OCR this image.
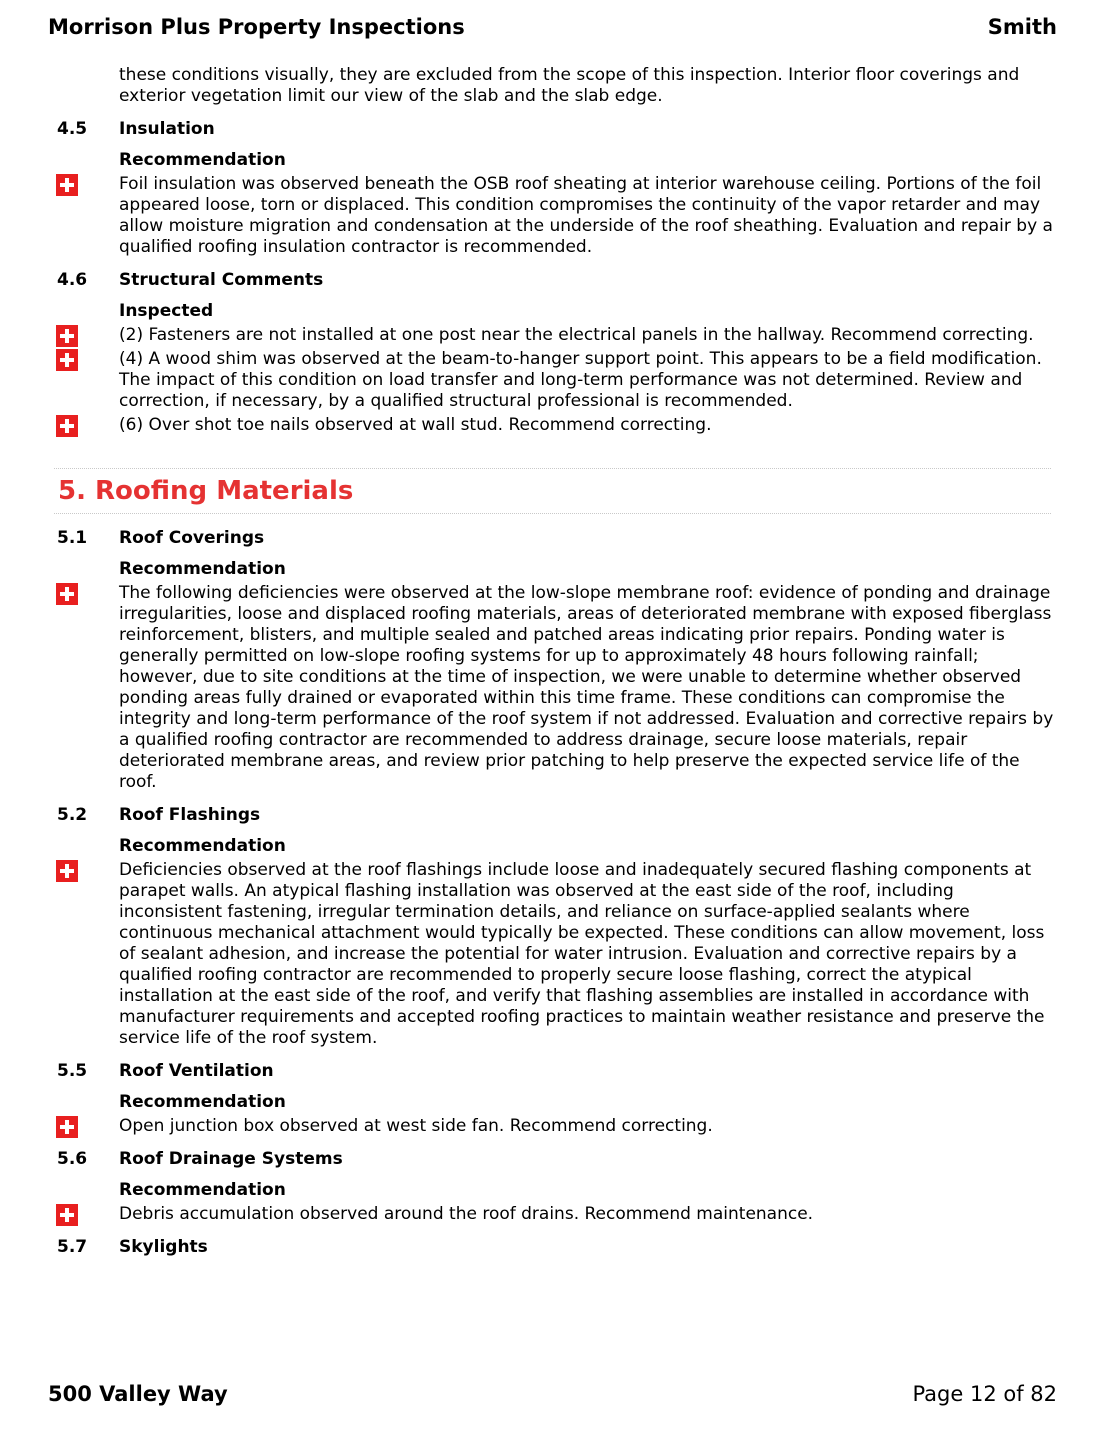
Morrison Plus Property Inspections	Smith
these conditions visually, they are excluded from the scope of this inspection. Interior floor coverings and exterior vegetation limit our view of the slab and the slab edge.
4.5	Insulation
Recommendation
Foil insulation was observed beneath the OSB roof sheating at interior warehouse ceiling. Portions of the foil appeared loose, torn or displaced. This condition compromises the continuity of the vapor retarder and may allow moisture migration and condensation at the underside of the roof sheathing. Evaluation and repair by a qualified roofing insulation contractor is recommended.
4.6	Structural Comments
Inspected
(2) Fasteners are not installed at one post near the electrical panels in the hallway. Recommend correcting.
(4) A wood shim was observed at the beam-to-hanger support point. This appears to be a field modification. The impact of this condition on load transfer and long-term performance was not determined. Review and correction, if necessary, by a qualified structural professional is recommended.
(6) Over shot toe nails observed at wall stud. Recommend correcting.
5. Roofing Materials
5.1	Roof Coverings
Recommendation
The following deficiencies were observed at the low-slope membrane roof: evidence of ponding and drainage irregularities, loose and displaced roofing materials, areas of deteriorated membrane with exposed fiberglass reinforcement, blisters, and multiple sealed and patched areas indicating prior repairs. Ponding water is generally permitted on low-slope roofing systems for up to approximately 48 hours following rainfall; however, due to site conditions at the time of inspection, we were unable to determine whether observed ponding areas fully drained or evaporated within this time frame. These conditions can compromise the integrity and long-term performance of the roof system if not addressed. Evaluation and corrective repairs by a qualified roofing contractor are recommended to address drainage, secure loose materials, repair deteriorated membrane areas, and review prior patching to help preserve the expected service life of the roof.
5.2	Roof Flashings
Recommendation
Deficiencies observed at the roof flashings include loose and inadequately secured flashing components at parapet walls. An atypical flashing installation was observed at the east side of the roof, including inconsistent fastening, irregular termination details, and reliance on surface-applied sealants where continuous mechanical attachment would typically be expected. These conditions can allow movement, loss of sealant adhesion, and increase the potential for water intrusion. Evaluation and corrective repairs by a qualified roofing contractor are recommended to properly secure loose flashing, correct the atypical installation at the east side of the roof, and verify that flashing assemblies are installed in accordance with manufacturer requirements and accepted roofing practices to maintain weather resistance and preserve the service life of the roof system.
5.5	Roof Ventilation
Recommendation
Open junction box observed at west side fan. Recommend correcting.
5.6	Roof Drainage Systems
Recommendation
Debris accumulation observed around the roof drains. Recommend maintenance.
5.7	Skylights
500 Valley Way	Page 12 of 82
